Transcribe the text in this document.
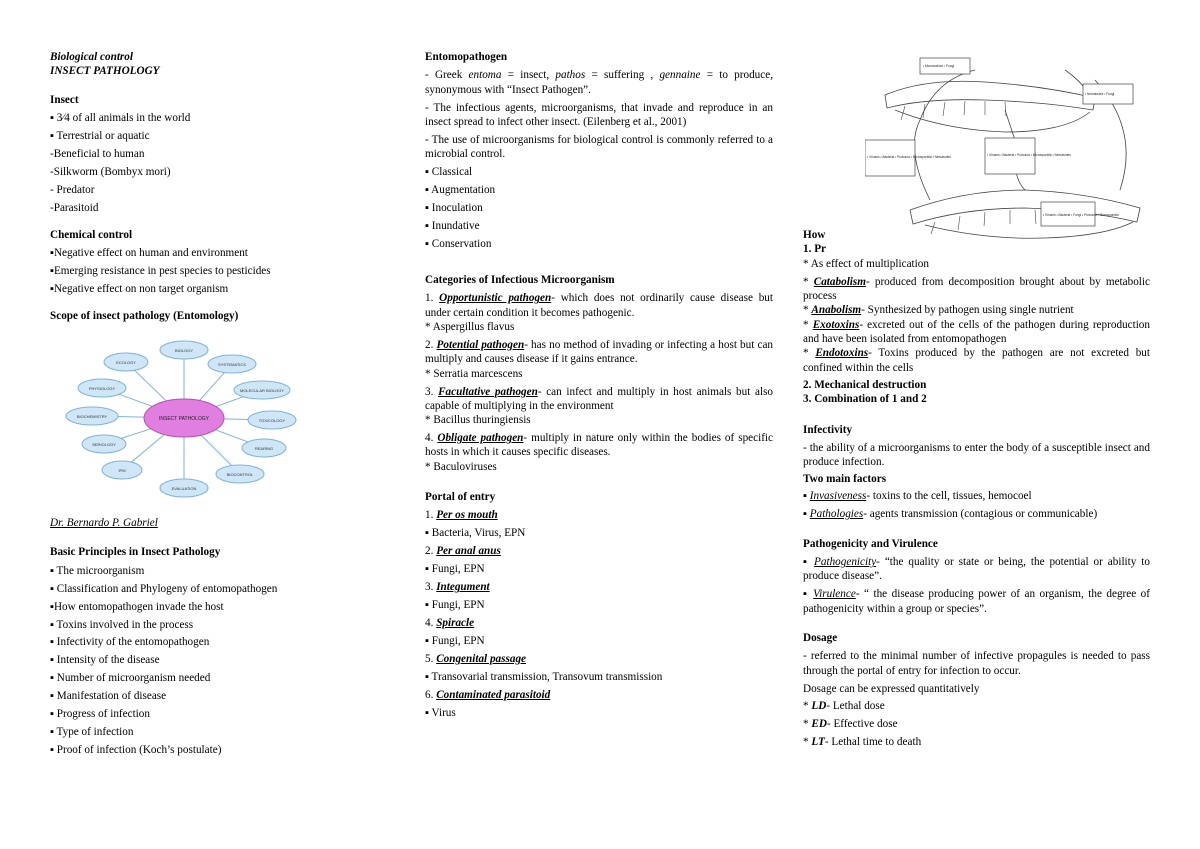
Biological control

INSECT PATHOLOGY

Insect

▪ 3⁄4 of all animals in the world

▪ Terrestrial or aquatic

-Beneficial to human

-Silkworm (Bombyx mori)

- Predator

-Parasitoid

Chemical control

▪Negative effect on human and environment

▪Emerging resistance in pest species to pesticides

▪Negative effect on non target organism

Scope of insect pathology (Entomology)

INSECT PATHOLOGY
BIOLOGY
SYSTEMATICS
MOLECULAR BIOLOGY
TOXICOLOGY
REARING
BIOCONTROL
EVALUATION
IPM
SERIOLOGY
BIOCHEMISTRY
PHYSIOLOGY
ECOLOGY

Dr. Bernardo P. Gabriel

Basic Principles in Insect Pathology

▪ The microorganism

▪ Classification and Phylogeny of entomopathogen

▪How entomopathogen invade the host

▪ Toxins involved in the process

▪ Infectivity of the entomopathogen

▪ Intensity of the disease

▪ Number of microorganism needed

▪ Manifestation of disease

▪ Progress of infection

▪ Type of infection

▪ Proof of infection (Koch’s postulate)

Entomopathogen

- Greek entoma = insect, pathos = suffering , gennaine = to produce, synonymous with “Insect Pathogen”.

- The infectious agents, microorganisms, that invade and reproduce in an insect spread to infect other insect. (Eilenberg et al., 2001)

- The use of microorganisms for biological control is commonly referred to a microbial control.

▪ Classical

▪ Augmentation

▪ Inoculation

▪ Inundative

▪ Conservation

Categories of Infectious Microorganism

1. Opportunistic pathogen- which does not ordinarily cause disease but under certain condition it becomes pathogenic.

* Aspergillus flavus

2. Potential pathogen- has no method of invading or infecting a host but can multiply and causes disease if it gains entrance.

* Serratia marcescens

3. Facultative pathogen- can infect and multiply in host animals but also capable of multiplying in the environment

* Bacillus thuringiensis

4. Obligate pathogen- multiply in nature only within the bodies of specific hosts in which it causes specific diseases.

* Baculoviruses

Portal of entry

1. Per os mouth

▪ Bacteria, Virus, EPN

2. Per anal anus

▪ Fungi, EPN

3. Integument

▪ Fungi, EPN

4. Spiracle

▪ Fungi, EPN

5. Congenital passage

▪ Transovarial transmission, Transovum transmission

6. Contaminated parasitoid

▪ Virus

How

1. Pr

* As effect of multiplication

* Catabolism- produced from decomposition brought about by metabolic process

* Anabolism- Synthesized by pathogen using single nutrient

* Exotoxins- excreted out of the cells of the pathogen during reproduction and have been isolated from entomopathogen

* Endotoxins- Toxins produced by the pathogen are not excreted but confined within the cells

2. Mechanical destruction

3. Combination of 1 and 2

Infectivity

- the ability of a microorganisms to enter the body of a susceptible insect and produce infection.

Two main factors

▪ Invasiveness- toxins to the cell, tissues, hemocoel

▪ Pathologies- agents transmission (contagious or communicable)

Pathogenicity and Virulence

▪ Pathogenicity- “the quality or state or being, the potential or ability to produce disease”.

▪ Virulence- “ the disease producing power of an organism, the degree of pathogenicity within a group or species”.

Dosage

- referred to the minimal number of infective propagules is needed to pass through the portal of entry for infection to occur.

Dosage can be expressed quantitatively

* LD- Lethal dose

* ED- Effective dose

* LT- Lethal time to death

▪ Monosodium ▪ Fungi
▪ Nematodes ▪ Fungi
▪ Viruses ▪ Bacteria ▪ Protozoa ▪ Microsporidia ▪ Nematodes	▪ Viruses ▪ Bacteria ▪ Protozoa ▪ Microsporidia ▪ Nematodes
▪ Viruses ▪ Bacteria ▪ Fungi ▪ Protozoa ▪ Microsporidia
